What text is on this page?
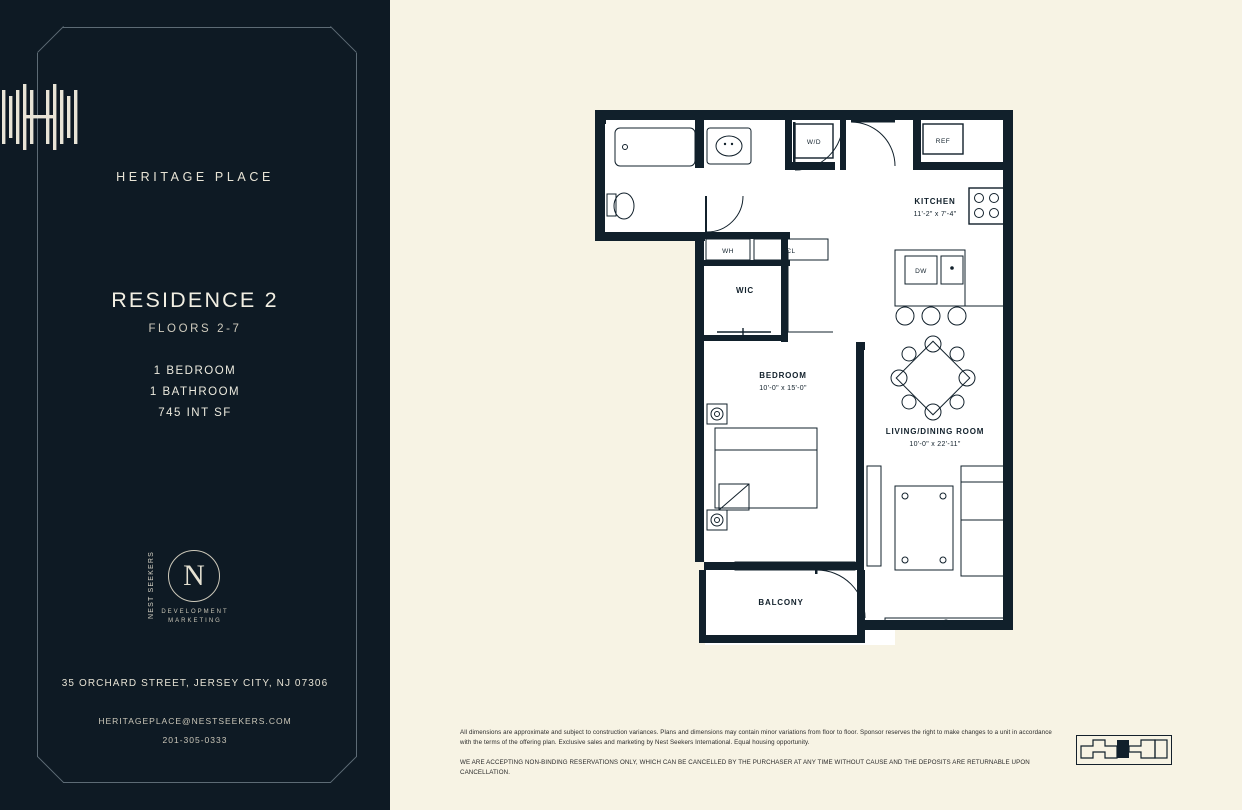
HERITAGE PLACE
RESIDENCE 2
FLOORS 2-7
1 BEDROOM
1 BATHROOM
745 INT SF
NEST SEEKERS N
DEVELOPMENT
MARKETING
35 ORCHARD STREET, JERSEY CITY, NJ 07306
HERITAGEPLACE@NESTSEEKERS.COM
201-305-0333
W/D
WH	CL
REF
DW
KITCHEN
11'-2" x 7'-4"
WIC
BEDROOM
10'-0" x 15'-0"
LIVING/DINING ROOM
10'-0" x 22'-11"
BALCONY
All dimensions are approximate and subject to construction variances. Plans and dimensions may contain minor variations from floor to floor. Sponsor reserves the right to make changes to a unit in accordance with the terms of the offering plan. Exclusive sales and marketing by Nest Seekers International. Equal housing opportunity.
WE ARE ACCEPTING NON-BINDING RESERVATIONS ONLY, WHICH CAN BE CANCELLED BY THE PURCHASER AT ANY TIME WITHOUT CAUSE AND THE DEPOSITS ARE RETURNABLE UPON CANCELLATION.
